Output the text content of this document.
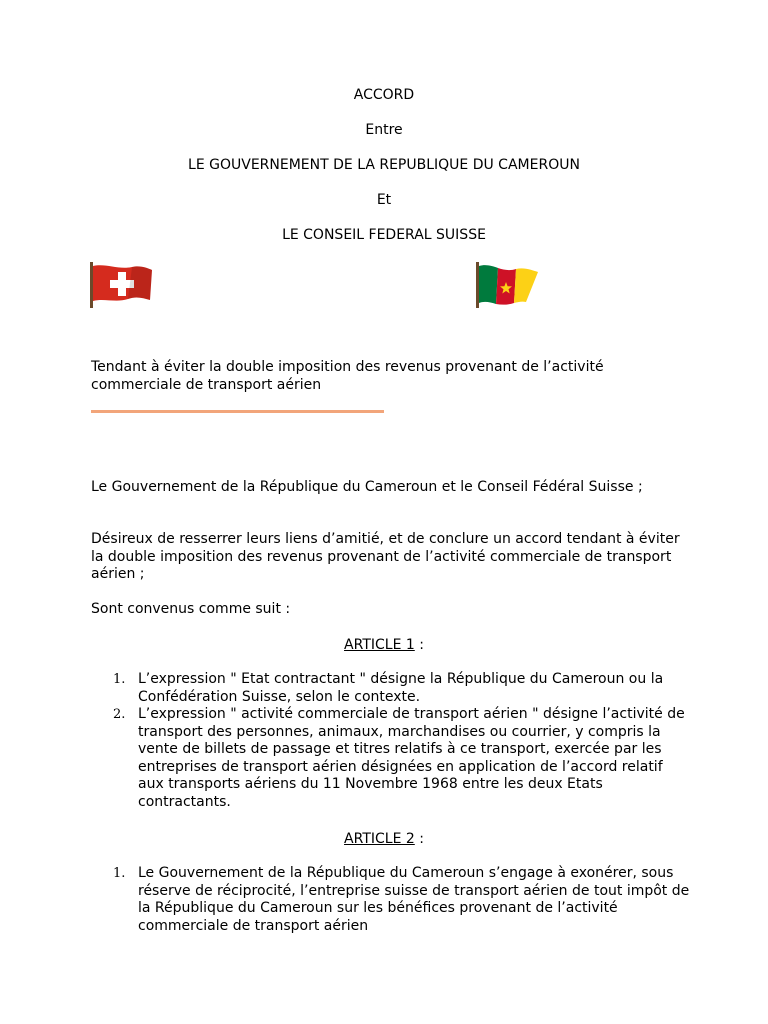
ACCORD
Entre
LE GOUVERNEMENT DE LA REPUBLIQUE DU CAMEROUN
Et
LE CONSEIL FEDERAL SUISSE
Tendant à éviter la double imposition des revenus provenant de l’activité commerciale de transport aérien
Le Gouvernement de la République du Cameroun et le Conseil Fédéral Suisse ;
Désireux de resserrer leurs liens d’amitié, et de conclure un accord tendant à éviter la double imposition des revenus provenant de l’activité commerciale de transport aérien ;
Sont convenus comme suit :
ARTICLE 1 :
1. L’expression " Etat contractant " désigne la République du Cameroun ou la Confédération Suisse, selon le contexte.
2. L’expression " activité commerciale de transport aérien " désigne l’activité de transport des personnes, animaux, marchandises ou courrier, y compris la vente de billets de passage et titres relatifs à ce transport, exercée par les entreprises de transport aérien désignées en application de l’accord relatif aux transports aériens du 11 Novembre 1968 entre les deux Etats contractants.
ARTICLE 2 :
1. Le Gouvernement de la République du Cameroun s’engage à exonérer, sous réserve de réciprocité, l’entreprise suisse de transport aérien de tout impôt de la République du Cameroun sur les bénéfices provenant de l’activité commerciale de transport aérien
